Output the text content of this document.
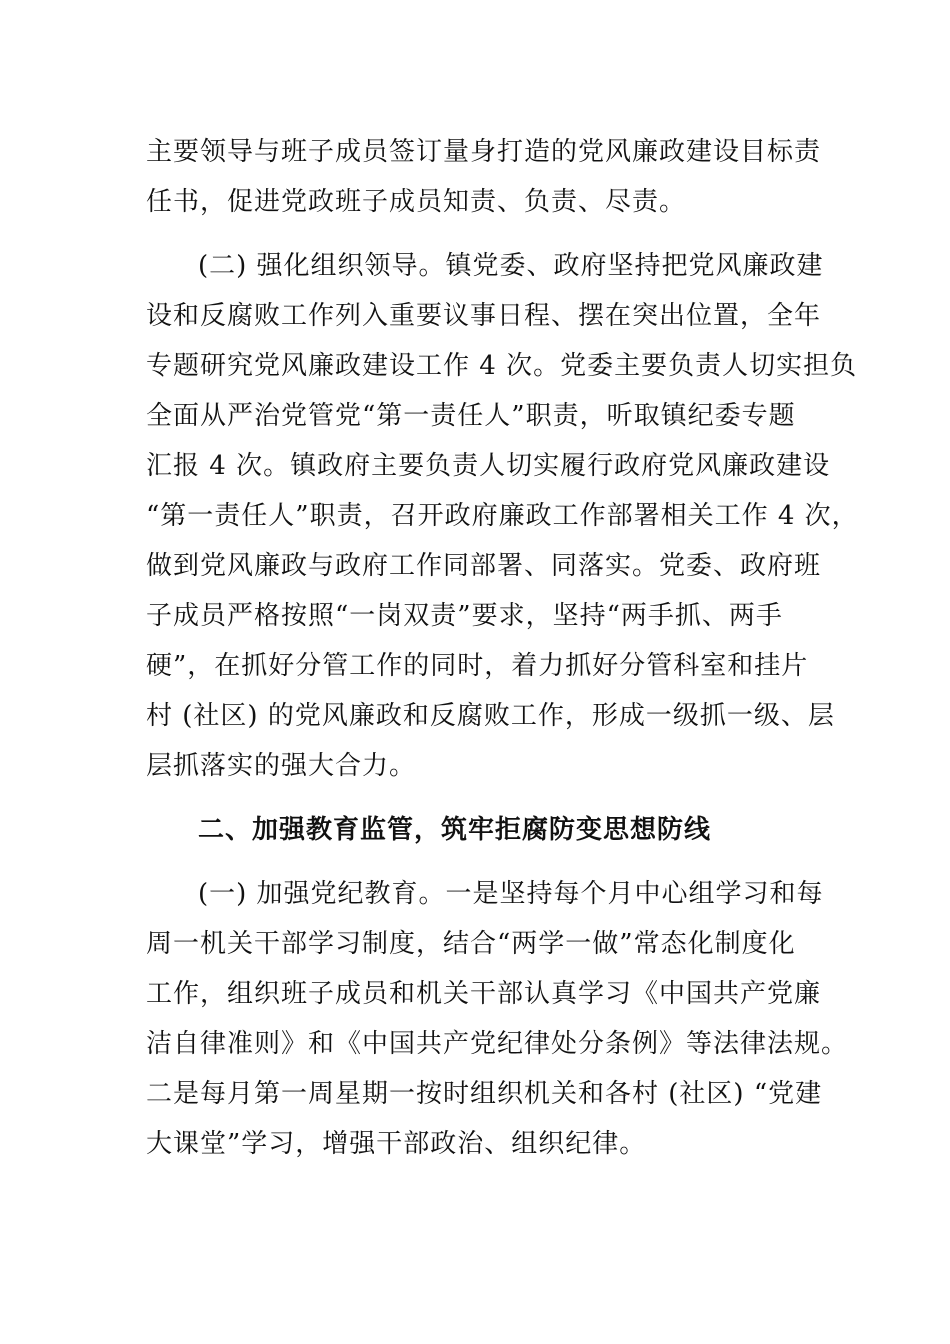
主要领导与班子成员签订量身打造的党风廉政建设目标责

任书，促进党政班子成员知责、负责、尽责。

(二) 强化组织领导。镇党委、政府坚持把党风廉政建

设和反腐败工作列入重要议事日程、摆在突出位置，全年

专题研究党风廉政建设工作 4 次。党委主要负责人切实担负

全面从严治党管党“第一责任人”职责，听取镇纪委专题

汇报 4 次。镇政府主要负责人切实履行政府党风廉政建设

“第一责任人”职责，召开政府廉政工作部署相关工作 4 次，

做到党风廉政与政府工作同部署、同落实。党委、政府班

子成员严格按照“一岗双责”要求，坚持“两手抓、两手

硬”，在抓好分管工作的同时，着力抓好分管科室和挂片

村 (社区) 的党风廉政和反腐败工作，形成一级抓一级、层

层抓落实的强大合力。

二、加强教育监管，筑牢拒腐防变思想防线

(一) 加强党纪教育。一是坚持每个月中心组学习和每

周一机关干部学习制度，结合“两学一做”常态化制度化

工作，组织班子成员和机关干部认真学习《中国共产党廉

洁自律准则》和《中国共产党纪律处分条例》等法律法规。

二是每月第一周星期一按时组织机关和各村 (社区) “党建

大课堂”学习，增强干部政治、组织纪律。
